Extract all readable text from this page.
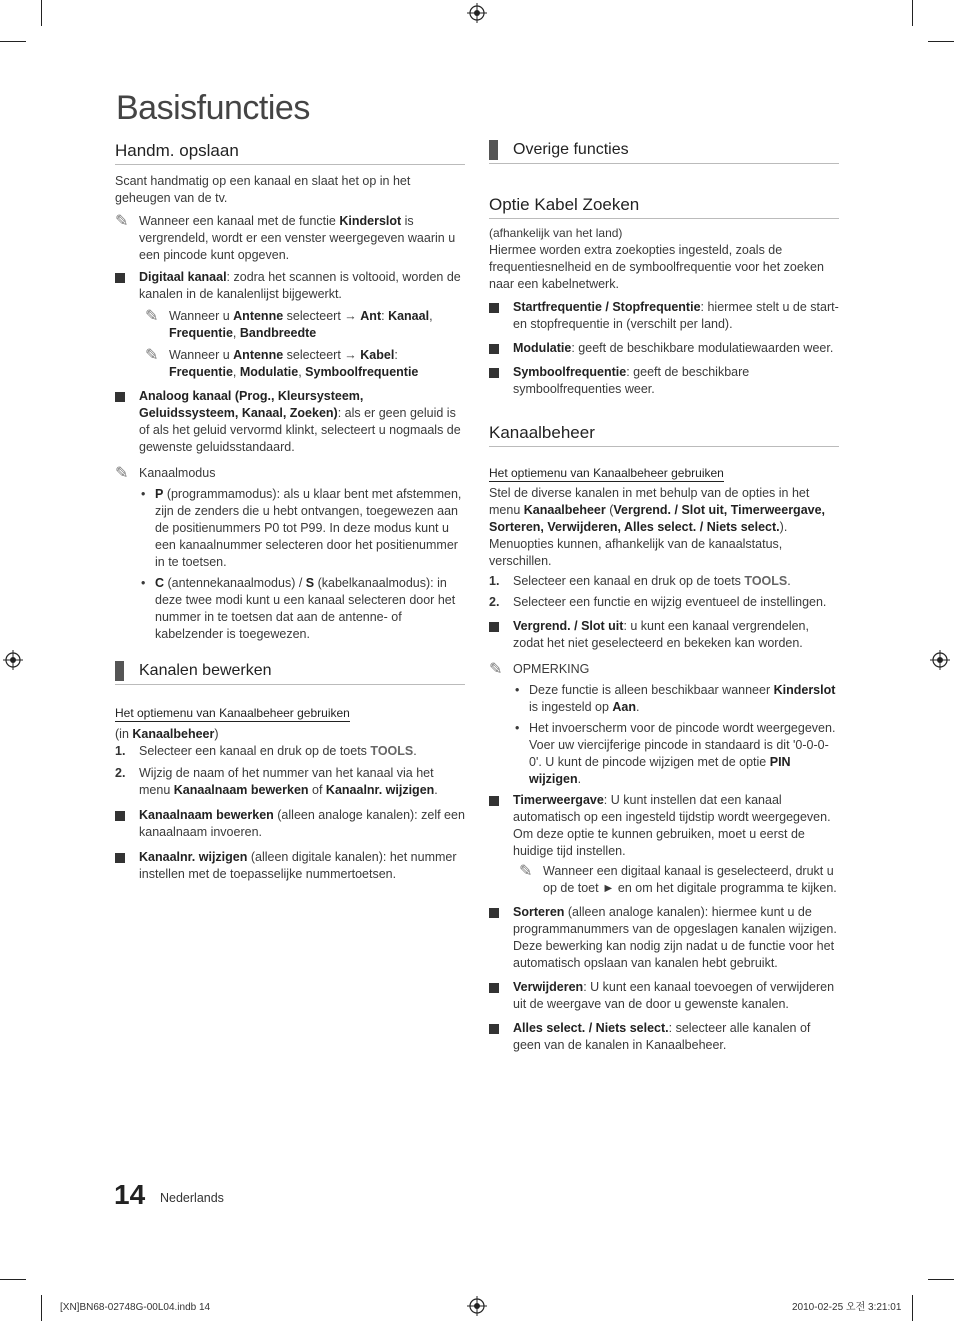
Basisfuncties
Handm. opslaan

Scant handmatig op een kanaal en slaat het op in het geheugen van de tv.

✎ Wanneer een kanaal met de functie Kinderslot is vergrendeld, wordt er een venster weergegeven waarin u een pincode kunt opgeven.
Digitaal kanaal: zodra het scannen is voltooid, worden de kanalen in de kanalenlijst bijgewerkt.
✎ Wanneer u Antenne selecteert → Ant: Kanaal, Frequentie, Bandbreedte
✎ Wanneer u Antenne selecteert → Kabel: Frequentie, Modulatie, Symboolfrequentie
Analoog kanaal (Prog., Kleursysteem, Geluidssysteem, Kanaal, Zoeken): als er geen geluid is of als het geluid vervormd klinkt, selecteert u nogmaals de gewenste geluidsstandaard.
✎ Kanaalmodus
• P (programmamodus): als u klaar bent met afstemmen, zijn de zenders die u hebt ontvangen, toegewezen aan de positienummers P0 tot P99. In deze modus kunt u een kanaalnummer selecteren door het positienummer in te toetsen.
• C (antennekanaalmodus) / S (kabelkanaalmodus): in deze twee modi kunt u een kanaal selecteren door het nummer in te toetsen dat aan de antenne- of kabelzender is toegewezen.
Kanalen bewerken
Het optiemenu van Kanaalbeheer gebruiken

(in Kanaalbeheer)

1. Selecteer een kanaal en druk op de toets TOOLS.
2. Wijzig de naam of het nummer van het kanaal via het menu Kanaalnaam bewerken of Kanaalnr. wijzigen.
Kanaalnaam bewerken (alleen analoge kanalen): zelf een kanaalnaam invoeren.
Kanaalnr. wijzigen (alleen digitale kanalen): het nummer instellen met de toepasselijke nummertoetsen.
Overige functies
Optie Kabel Zoeken

(afhankelijk van het land)

Hiermee worden extra zoekopties ingesteld, zoals de frequentiesnelheid en de symboolfrequentie voor het zoeken naar een kabelnetwerk.

Startfrequentie / Stopfrequentie: hiermee stelt u de start- en stopfrequentie in (verschilt per land).
Modulatie: geeft de beschikbare modulatiewaarden weer.
Symboolfrequentie: geeft de beschikbare symboolfrequenties weer.
Kanaalbeheer
Het optiemenu van Kanaalbeheer gebruiken

Stel de diverse kanalen in met behulp van de opties in het menu Kanaalbeheer (Vergrend. / Slot uit, Timerweergave, Sorteren, Verwijderen, Alles select. / Niets select.). Menuopties kunnen, afhankelijk van de kanaalstatus, verschillen.

1. Selecteer een kanaal en druk op de toets TOOLS.
2. Selecteer een functie en wijzig eventueel de instellingen.
Vergrend. / Slot uit: u kunt een kanaal vergrendelen, zodat het niet geselecteerd en bekeken kan worden.
✎ OPMERKING
• Deze functie is alleen beschikbaar wanneer Kinderslot is ingesteld op Aan.
• Het invoerscherm voor de pincode wordt weergegeven. Voer uw viercijferige pincode in standaard is dit '0-0-0-0'. U kunt de pincode wijzigen met de optie PIN wijzigen.
Timerweergave: U kunt instellen dat een kanaal automatisch op een ingesteld tijdstip wordt weergegeven. Om deze optie te kunnen gebruiken, moet u eerst de huidige tijd instellen.
✎ Wanneer een digitaal kanaal is geselecteerd, drukt u op de toet ► en om het digitale programma te kijken.
Sorteren (alleen analoge kanalen): hiermee kunt u de programmanummers van de opgeslagen kanalen wijzigen. Deze bewerking kan nodig zijn nadat u de functie voor het automatisch opslaan van kanalen hebt gebruikt.
Verwijderen: U kunt een kanaal toevoegen of verwijderen uit de weergave van de door u gewenste kanalen.
Alles select. / Niets select.: selecteer alle kanalen of geen van de kanalen in Kanaalbeheer.
14 Nederlands
[XN]BN68-02748G-00L04.indb 14	2010-02-25 오전 3:21:01
